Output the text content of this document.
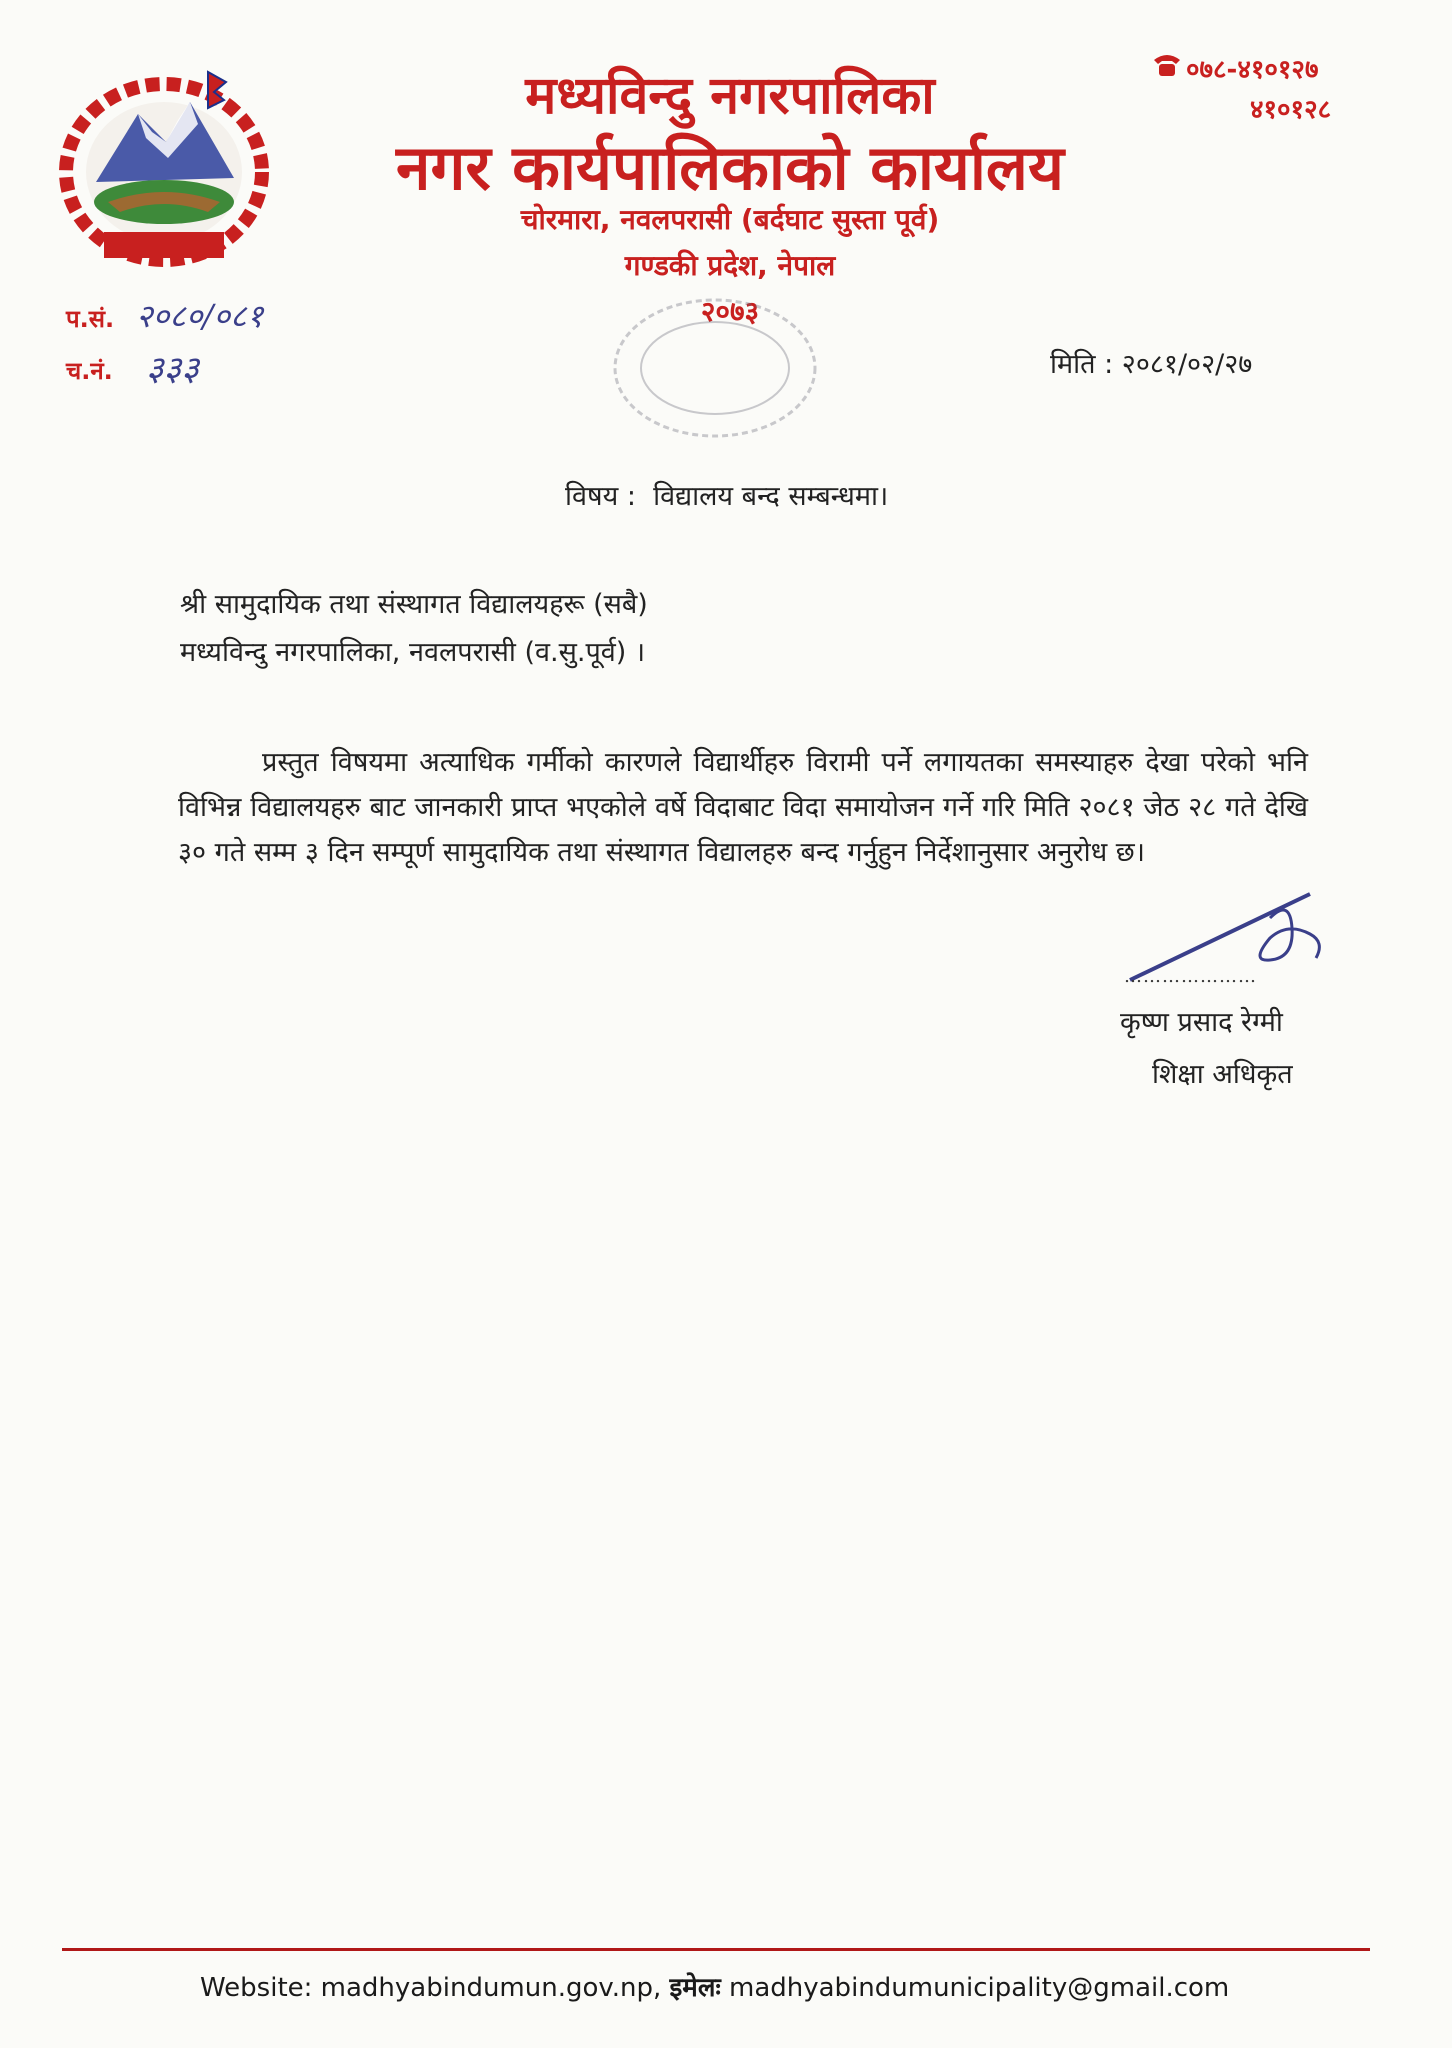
मध्यविन्दु नगरपालिका
नगर कार्यपालिकाको कार्यालय
चोरमारा, नवलपरासी (बर्दघाट सुस्ता पूर्व)
गण्डकी प्रदेश, नेपाल
२०७३
०७८-४१०१२७
४१०१२८
प.सं. २०८०/०८१
च.नं. ३३३	मिति : २०८१/०२/२७
विषय :  विद्यालय बन्द सम्बन्धमा।
श्री सामुदायिक तथा संस्थागत विद्यालयहरू (सबै)
मध्यविन्दु नगरपालिका, नवलपरासी (व.सु.पूर्व) ।
प्रस्तुत विषयमा अत्याधिक गर्मीको कारणले विद्यार्थीहरु विरामी पर्ने लगायतका समस्याहरु देखा परेको भनि विभिन्न विद्यालयहरु बाट जानकारी प्राप्त भएकोले वर्षे विदाबाट विदा समायोजन गर्ने गरि मिति २०८१ जेठ २८ गते देखि ३० गते सम्म ३ दिन सम्पूर्ण सामुदायिक तथा संस्थागत विद्यालहरु बन्द गर्नुहुन निर्देशानुसार अनुरोध छ।
…………………
कृष्ण प्रसाद रेग्मी
शिक्षा अधिकृत
Website: madhyabindumun.gov.np, इमेलः madhyabindumunicipality@gmail.com
